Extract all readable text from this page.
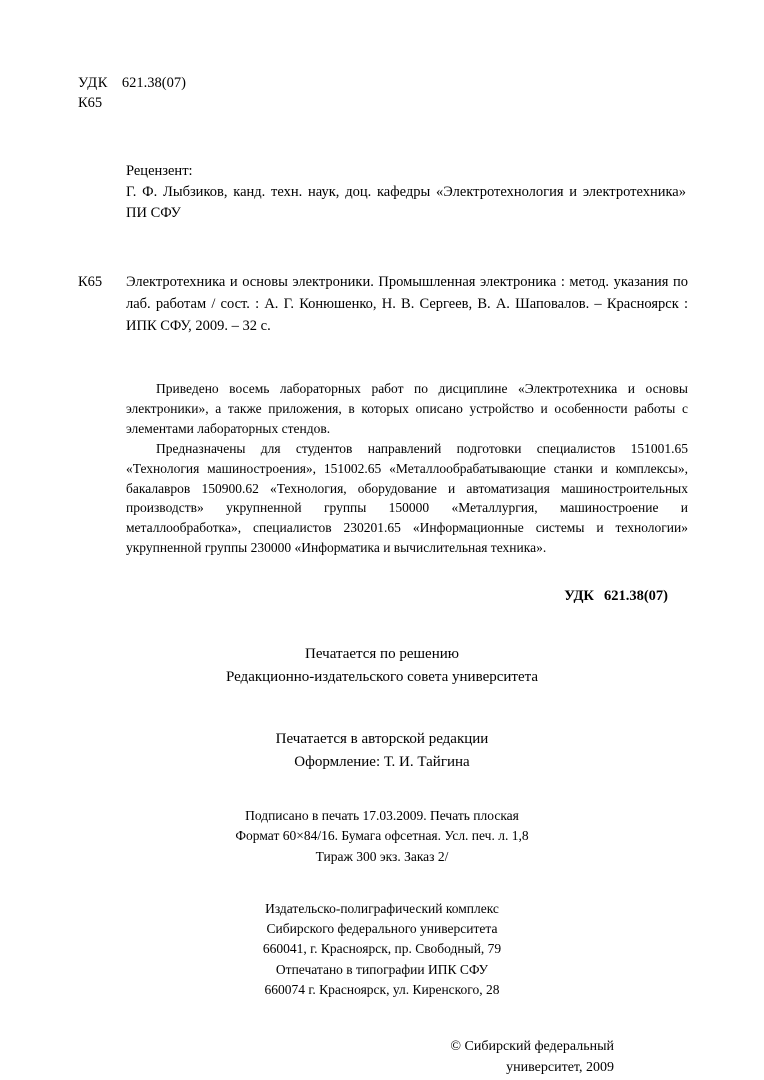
УДК 621.38(07)
К65
Рецензент:
Г. Ф. Лыбзиков, канд. техн. наук, доц. кафедры «Электротехнология и электротехника» ПИ СФУ
К65 Электротехника и основы электроники. Промышленная электроника : метод. указания по лаб. работам / сост. : А. Г. Конюшенко, Н. В. Сергеев, В. А. Шаповалов. – Красноярск : ИПК СФУ, 2009. – 32 с.

Приведено восемь лабораторных работ по дисциплине «Электротехника и основы электроники», а также приложения, в которых описано устройство и особенности работы с элементами лабораторных стендов.

Предназначены для студентов направлений подготовки специалистов 151001.65 «Технология машиностроения», 151002.65 «Металлообрабатывающие станки и комплексы», бакалавров 150900.62 «Технология, оборудование и автоматизация машиностроительных производств» укрупненной группы 150000 «Металлургия, машиностроение и металлообработка», специалистов 230201.65 «Информационные системы и технологии» укрупненной группы 230000 «Информатика и вычислительная техника».

УДК 621.38(07)
Печатается по решению
Редакционно-издательского совета университета
Печатается в авторской редакции
Оформление: Т. И. Тайгина
Подписано в печать 17.03.2009. Печать плоская
Формат 60×84/16. Бумага офсетная. Усл. печ. л. 1,8
Тираж 300 экз. Заказ 2/
Издательско-полиграфический комплекс
Сибирского федерального университета
660041, г. Красноярск, пр. Свободный, 79
Отпечатано в типографии ИПК СФУ
660074 г. Красноярск, ул. Киренского, 28
© Сибирский федеральный
университет, 2009
